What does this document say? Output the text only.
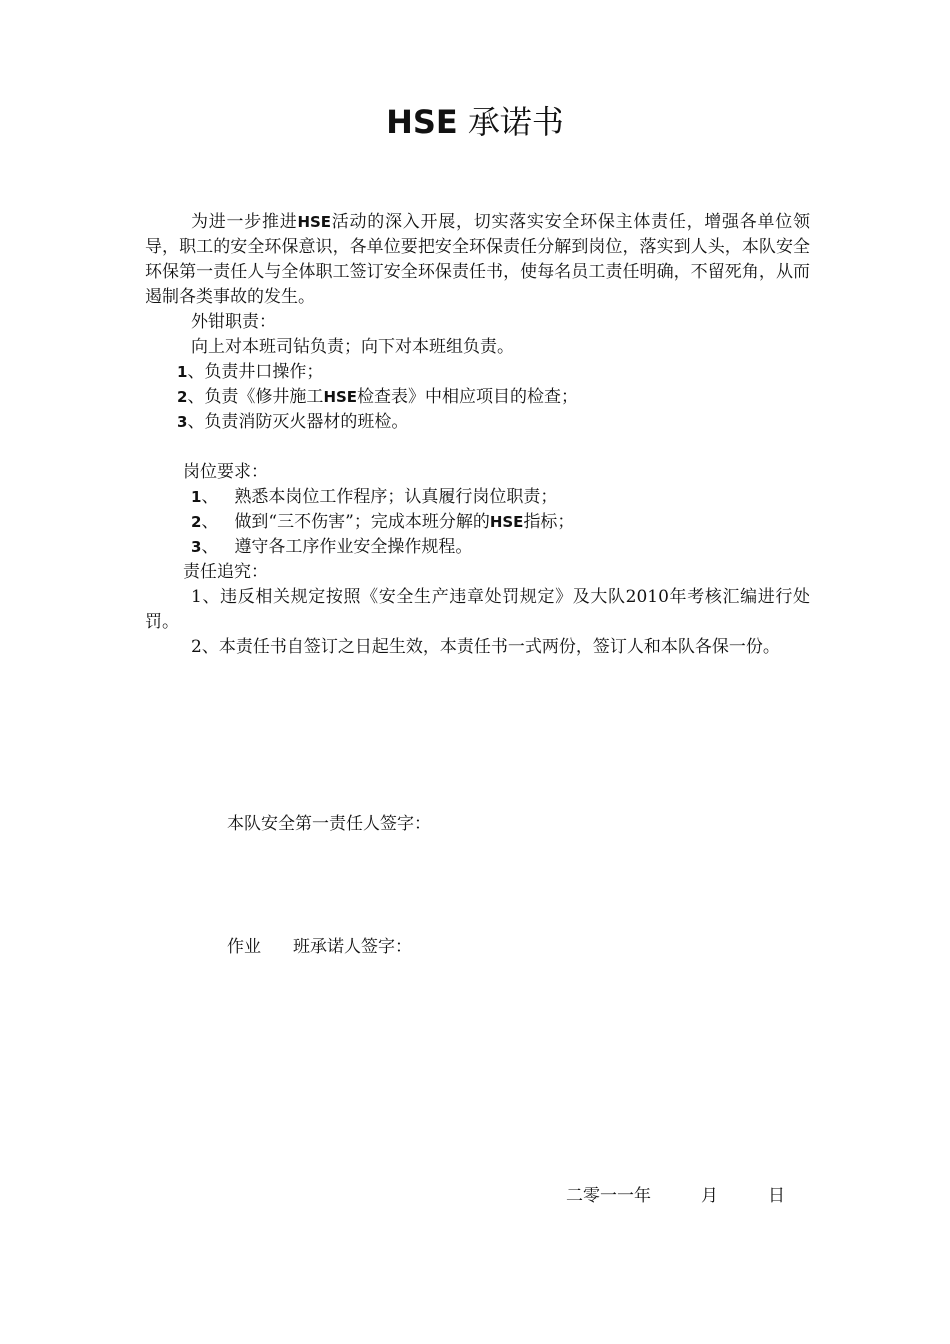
HSE 承诺书

为进一步推进HSE活动的深入开展，切实落实安全环保主体责任，增强各单位领导，职工的安全环保意识，各单位要把安全环保责任分解到岗位，落实到人头，本队安全环保第一责任人与全体职工签订安全环保责任书，使每名员工责任明确，不留死角，从而遏制各类事故的发生。

外钳职责：

向上对本班司钻负责；向下对本班组负责。

1、负责井口操作；

2、负责《修井施工HSE检查表》中相应项目的检查；

3、负责消防灭火器材的班检。

岗位要求：

1、 熟悉本岗位工作程序；认真履行岗位职责；

2、 做到“三不伤害”；完成本班分解的HSE指标；

3、 遵守各工序作业安全操作规程。

责任追究：

1、违反相关规定按照《安全生产违章处罚规定》及大队2010年考核汇编进行处罚。

2、本责任书自签订之日起生效，本责任书一式两份，签订人和本队各保一份。

本队安全第一责任人签字：
作业 班承诺人签字：
二零一一年	月	日
